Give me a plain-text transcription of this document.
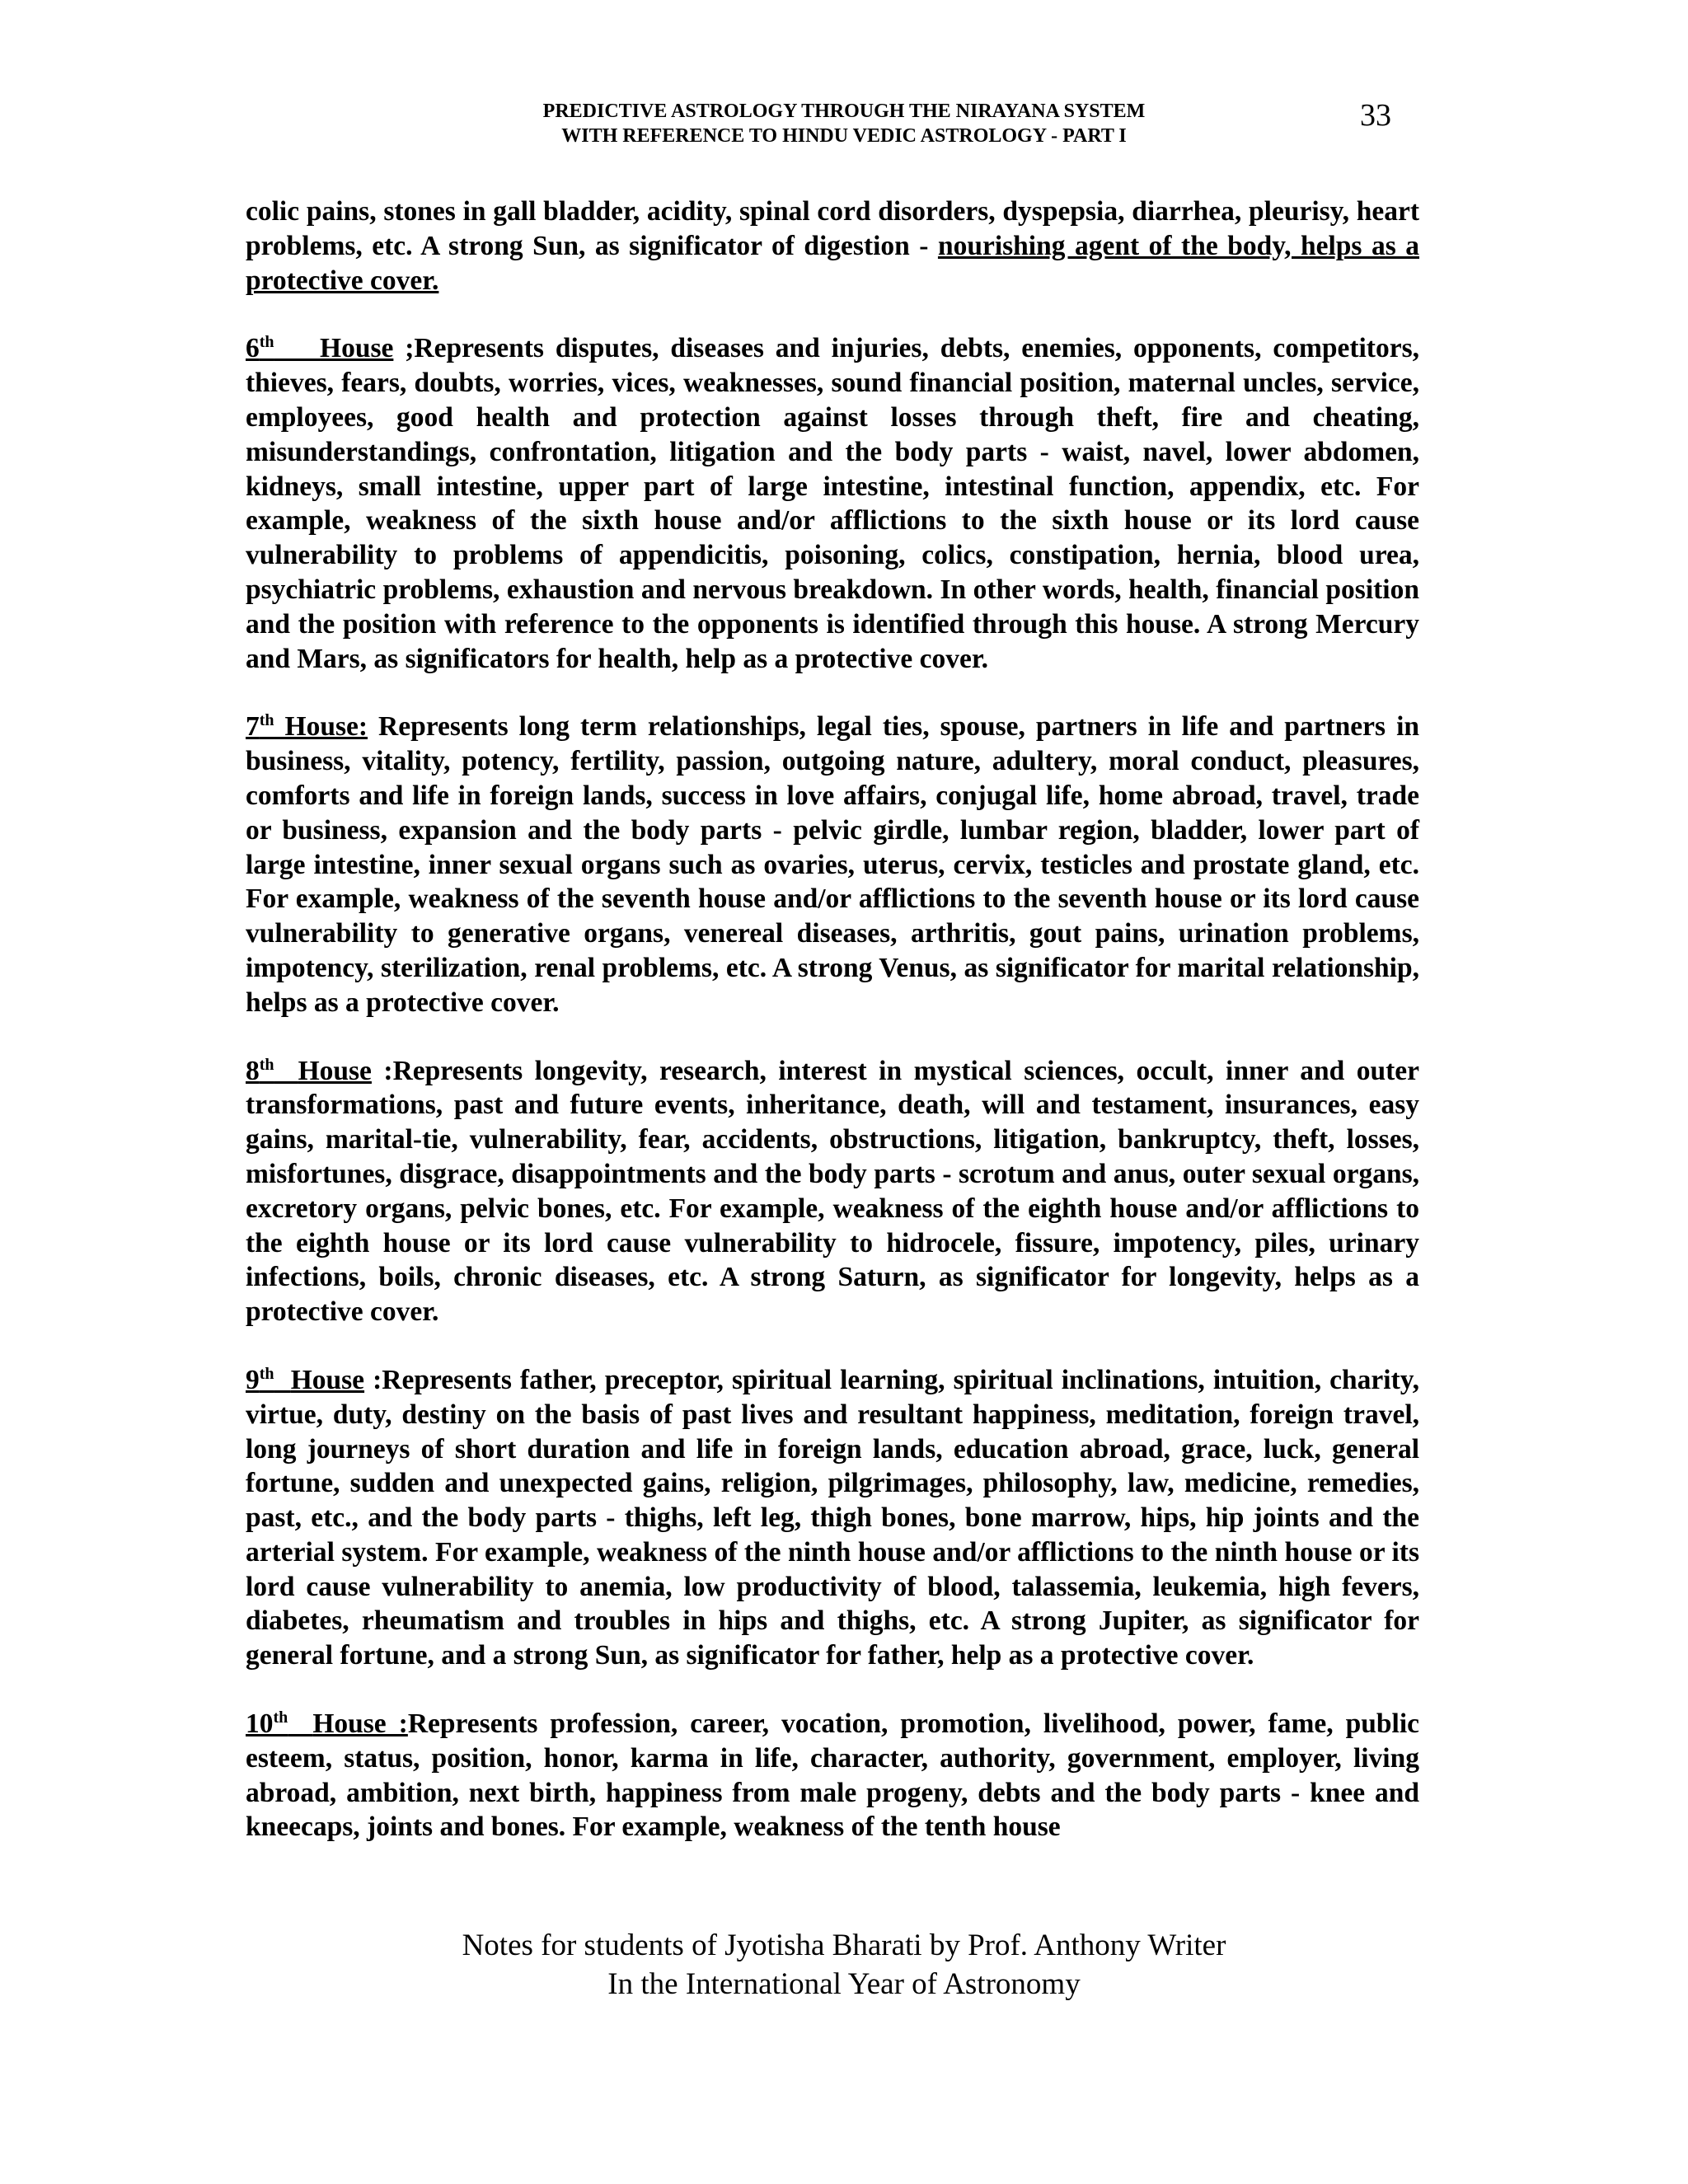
PREDICTIVE ASTROLOGY THROUGH THE NIRAYANA SYSTEM
WITH REFERENCE TO HINDU VEDIC ASTROLOGY - PART I
33

colic pains, stones in gall bladder, acidity, spinal cord disorders, dyspepsia, diarrhea, pleurisy, heart problems, etc. A strong Sun, as significator of digestion - nourishing agent of the body, helps as a protective cover.

6th House ;Represents disputes, diseases and injuries, debts, enemies, opponents, competitors, thieves, fears, doubts, worries, vices, weaknesses, sound financial position, maternal uncles, service, employees, good health and protection against losses through theft, fire and cheating, misunderstandings, confrontation, litigation and the body parts - waist, navel, lower abdomen, kidneys, small intestine, upper part of large intestine, intestinal function, appendix, etc. For example, weakness of the sixth house and/or afflictions to the sixth house or its lord cause vulnerability to problems of appendicitis, poisoning, colics, constipation, hernia, blood urea, psychiatric problems, exhaustion and nervous breakdown. In other words, health, financial position and the position with reference to the opponents is identified through this house. A strong Mercury and Mars, as significators for health, help as a protective cover.

7th House: Represents long term relationships, legal ties, spouse, partners in life and partners in business, vitality, potency, fertility, passion, outgoing nature, adultery, moral conduct, pleasures, comforts and life in foreign lands, success in love affairs, conjugal life, home abroad, travel, trade or business, expansion and the body parts - pelvic girdle, lumbar region, bladder, lower part of large intestine, inner sexual organs such as ovaries, uterus, cervix, testicles and prostate gland, etc. For example, weakness of the seventh house and/or afflictions to the seventh house or its lord cause vulnerability to generative organs, venereal diseases, arthritis, gout pains, urination problems, impotency, sterilization, renal problems, etc. A strong Venus, as significator for marital relationship, helps as a protective cover.

8th House :Represents longevity, research, interest in mystical sciences, occult, inner and outer transformations, past and future events, inheritance, death, will and testament, insurances, easy gains, marital-tie, vulnerability, fear, accidents, obstructions, litigation, bankruptcy, theft, losses, misfortunes, disgrace, disappointments and the body parts - scrotum and anus, outer sexual organs, excretory organs, pelvic bones, etc. For example, weakness of the eighth house and/or afflictions to the eighth house or its lord cause vulnerability to hidrocele, fissure, impotency, piles, urinary infections, boils, chronic diseases, etc. A strong Saturn, as significator for longevity, helps as a protective cover.

9th House :Represents father, preceptor, spiritual learning, spiritual inclinations, intuition, charity, virtue, duty, destiny on the basis of past lives and resultant happiness, meditation, foreign travel, long journeys of short duration and life in foreign lands, education abroad, grace, luck, general fortune, sudden and unexpected gains, religion, pilgrimages, philosophy, law, medicine, remedies, past, etc., and the body parts - thighs, left leg, thigh bones, bone marrow, hips, hip joints and the arterial system. For example, weakness of the ninth house and/or afflictions to the ninth house or its lord cause vulnerability to anemia, low productivity of blood, talassemia, leukemia, high fevers, diabetes, rheumatism and troubles in hips and thighs, etc. A strong Jupiter, as significator for general fortune, and a strong Sun, as significator for father, help as a protective cover.

10th House :Represents profession, career, vocation, promotion, livelihood, power, fame, public esteem, status, position, honor, karma in life, character, authority, government, employer, living abroad, ambition, next birth, happiness from male progeny, debts and the body parts - knee and kneecaps, joints and bones. For example, weakness of the tenth house

Notes for students of Jyotisha Bharati by Prof. Anthony Writer
In the International Year of Astronomy
